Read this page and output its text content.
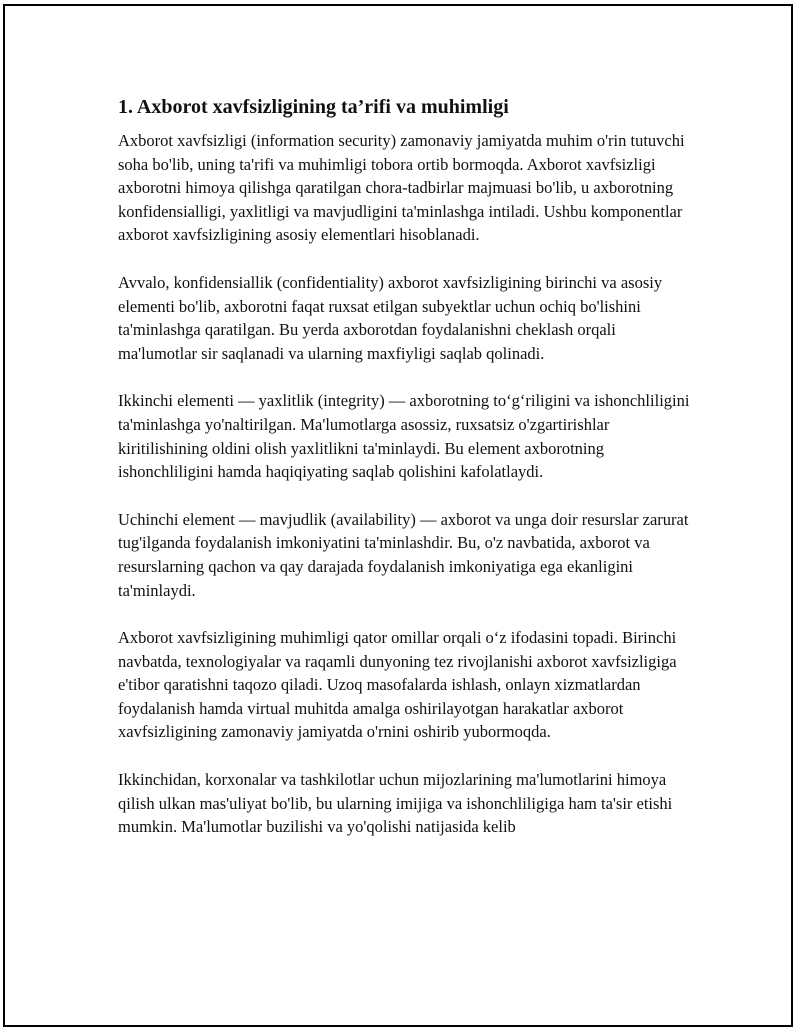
1. Axborot xavfsizligining ta’rifi va muhimligi

Axborot xavfsizligi (information security) zamonaviy jamiyatda muhim o'rin tutuvchi soha bo'lib, uning ta'rifi va muhimligi tobora ortib bormoqda. Axborot xavfsizligi axborotni himoya qilishga qaratilgan chora-tadbirlar majmuasi bo'lib, u axborotning konfidensialligi, yaxlitligi va mavjudligini ta'minlashga intiladi. Ushbu komponentlar axborot xavfsizligining asosiy elementlari hisoblanadi.

Avvalo, konfidensiallik (confidentiality) axborot xavfsizligining birinchi va asosiy elementi bo'lib, axborotni faqat ruxsat etilgan subyektlar uchun ochiq bo'lishini ta'minlashga qaratilgan. Bu yerda axborotdan foydalanishni cheklash orqali ma'lumotlar sir saqlanadi va ularning maxfiyligi saqlab qolinadi.

Ikkinchi elementi — yaxlitlik (integrity) — axborotning to‘g‘riligini va ishonchliligini ta'minlashga yo'naltirilgan. Ma'lumotlarga asossiz, ruxsatsiz o'zgartirishlar kiritilishining oldini olish yaxlitlikni ta'minlaydi. Bu element axborotning ishonchliligini hamda haqiqiyating saqlab qolishini kafolatlaydi.

Uchinchi element — mavjudlik (availability) — axborot va unga doir resurslar zarurat tug'ilganda foydalanish imkoniyatini ta'minlashdir. Bu, o'z navbatida, axborot va resurslarning qachon va qay darajada foydalanish imkoniyatiga ega ekanligini ta'minlaydi.

Axborot xavfsizligining muhimligi qator omillar orqali o‘z ifodasini topadi. Birinchi navbatda, texnologiyalar va raqamli dunyoning tez rivojlanishi axborot xavfsizligiga e'tibor qaratishni taqozo qiladi. Uzoq masofalarda ishlash, onlayn xizmatlardan foydalanish hamda virtual muhitda amalga oshirilayotgan harakatlar axborot xavfsizligining zamonaviy jamiyatda o'rnini oshirib yubormoqda.

Ikkinchidan, korxonalar va tashkilotlar uchun mijozlarining ma'lumotlarini himoya qilish ulkan mas'uliyat bo'lib, bu ularning imijiga va ishonchliligiga ham ta'sir etishi mumkin. Ma'lumotlar buzilishi va yo'qolishi natijasida kelib
